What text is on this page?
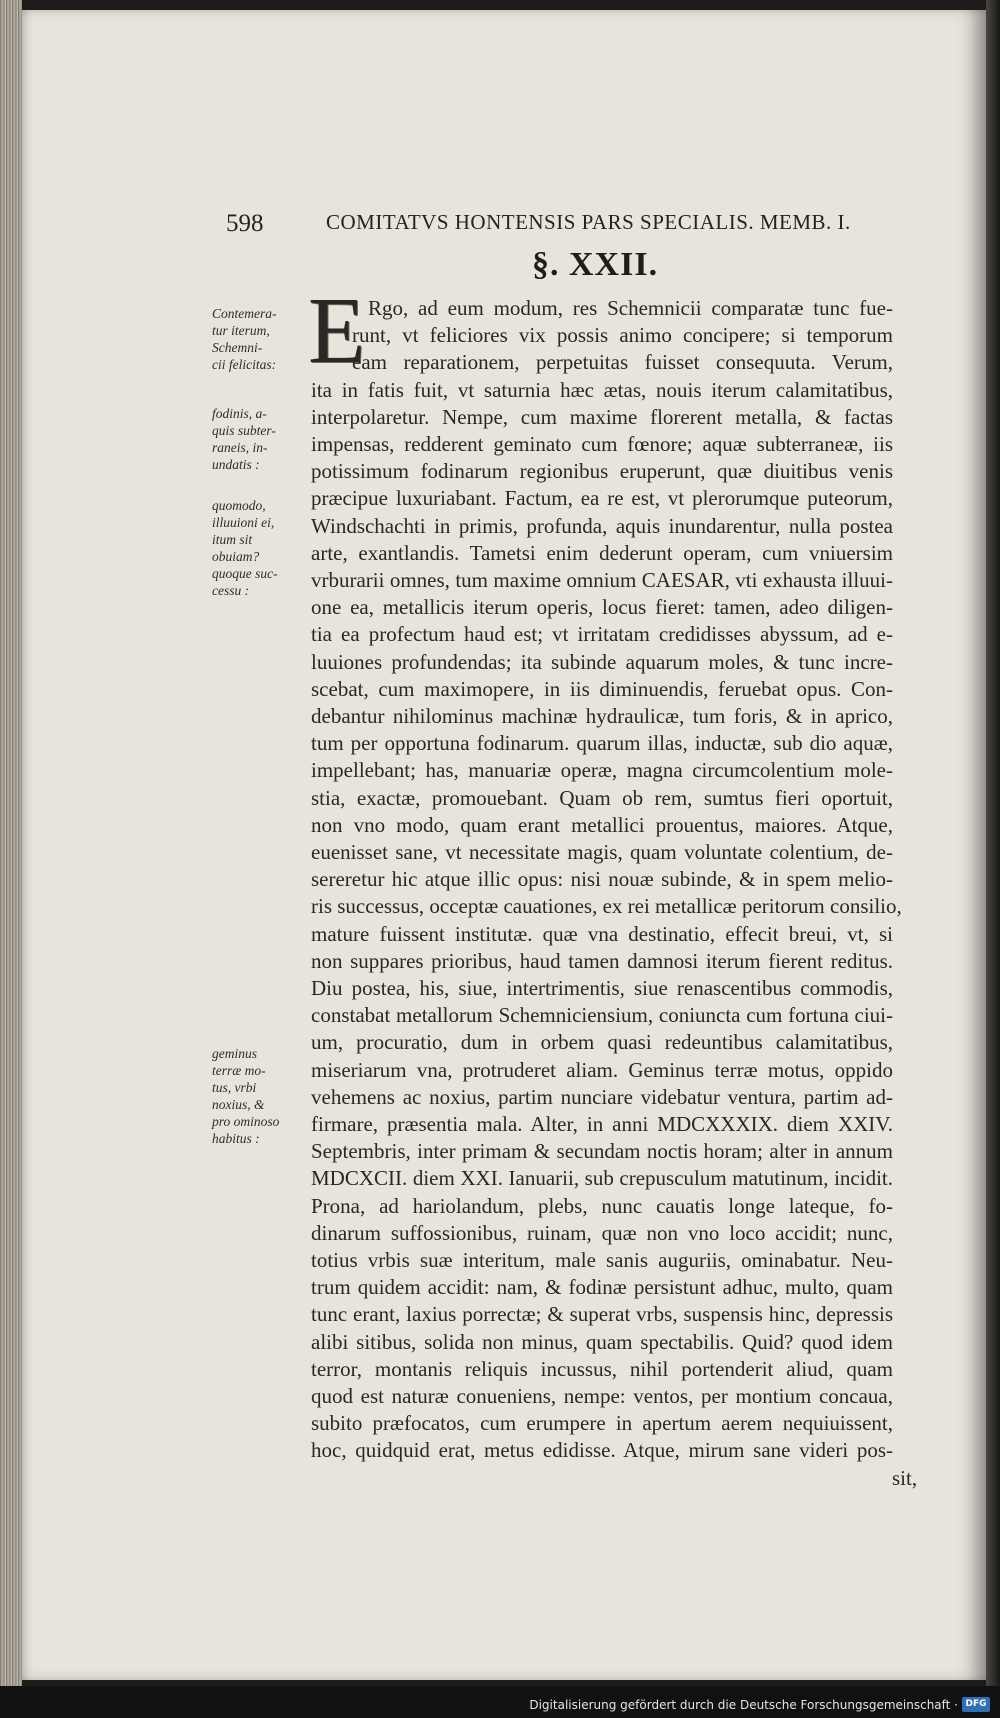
598	COMITATVS HONTENSIS PARS SPECIALIS. MEMB. I.
§. XXII.
E
Contemera-
tur iterum,
Schemni-
cii felicitas:
fodinis, a-
quis subter-
raneis, in-
undatis :
quomodo,
illuuioni ei,
itum sit
obuiam?
quoque suc-
cessu :
geminus
terræ mo-
tus, vrbi
noxius, &
pro ominoso
habitus :
Rgo, ad eum modum, res Schemnicii comparatæ tunc fue-
runt, vt feliciores vix possis animo concipere; si temporum
eam reparationem, perpetuitas fuisset consequuta. Verum,
ita in fatis fuit, vt saturnia hæc ætas, nouis iterum calamitatibus,
interpolaretur. Nempe, cum maxime florerent metalla, & factas
impensas, redderent geminato cum fœnore; aquæ subterraneæ, iis
potissimum fodinarum regionibus eruperunt, quæ diuitibus venis
præcipue luxuriabant. Factum, ea re est, vt plerorumque puteorum,
Windschachti in primis, profunda, aquis inundarentur, nulla postea
arte, exantlandis. Tametsi enim dederunt operam, cum vniuersim
vrburarii omnes, tum maxime omnium CAESAR, vti exhausta illuui-
one ea, metallicis iterum operis, locus fieret: tamen, adeo diligen-
tia ea profectum haud est; vt irritatam credidisses abyssum, ad e-
luuiones profundendas; ita subinde aquarum moles, & tunc incre-
scebat, cum maximopere, in iis diminuendis, feruebat opus. Con-
debantur nihilominus machinæ hydraulicæ, tum foris, & in aprico,
tum per opportuna fodinarum. quarum illas, inductæ, sub dio aquæ,
impellebant; has, manuariæ operæ, magna circumcolentium mole-
stia, exactæ, promouebant. Quam ob rem, sumtus fieri oportuit,
non vno modo, quam erant metallici prouentus, maiores. Atque,
euenisset sane, vt necessitate magis, quam voluntate colentium, de-
sereretur hic atque illic opus: nisi nouæ subinde, & in spem melio-
ris successus, occeptæ cauationes, ex rei metallicæ peritorum consilio,
mature fuissent institutæ. quæ vna destinatio, effecit breui, vt, si
non suppares prioribus, haud tamen damnosi iterum fierent reditus.
Diu postea, his, siue, intertrimentis, siue renascentibus commodis,
constabat metallorum Schemniciensium, coniuncta cum fortuna ciui-
um, procuratio, dum in orbem quasi redeuntibus calamitatibus,
miseriarum vna, protruderet aliam. Geminus terræ motus, oppido
vehemens ac noxius, partim nunciare videbatur ventura, partim ad-
firmare, præsentia mala. Alter, in anni MDCXXXIX. diem XXIV.
Septembris, inter primam & secundam noctis horam; alter in annum
MDCXCII. diem XXI. Ianuarii, sub crepusculum matutinum, incidit.
Prona, ad hariolandum, plebs, nunc cauatis longe lateque, fo-
dinarum suffossionibus, ruinam, quæ non vno loco accidit; nunc,
totius vrbis suæ interitum, male sanis auguriis, ominabatur. Neu-
trum quidem accidit: nam, & fodinæ persistunt adhuc, multo, quam
tunc erant, laxius porrectæ; & superat vrbs, suspensis hinc, depressis
alibi sitibus, solida non minus, quam spectabilis. Quid? quod idem
terror, montanis reliquis incussus, nihil portenderit aliud, quam
quod est naturæ conueniens, nempe: ventos, per montium concaua,
subito præfocatos, cum erumpere in apertum aerem nequiuissent,
hoc, quidquid erat, metus edidisse. Atque, mirum sane videri pos-
sit,
Digitalisierung gefördert durch die Deutsche Forschungsgemeinschaft · DFG
